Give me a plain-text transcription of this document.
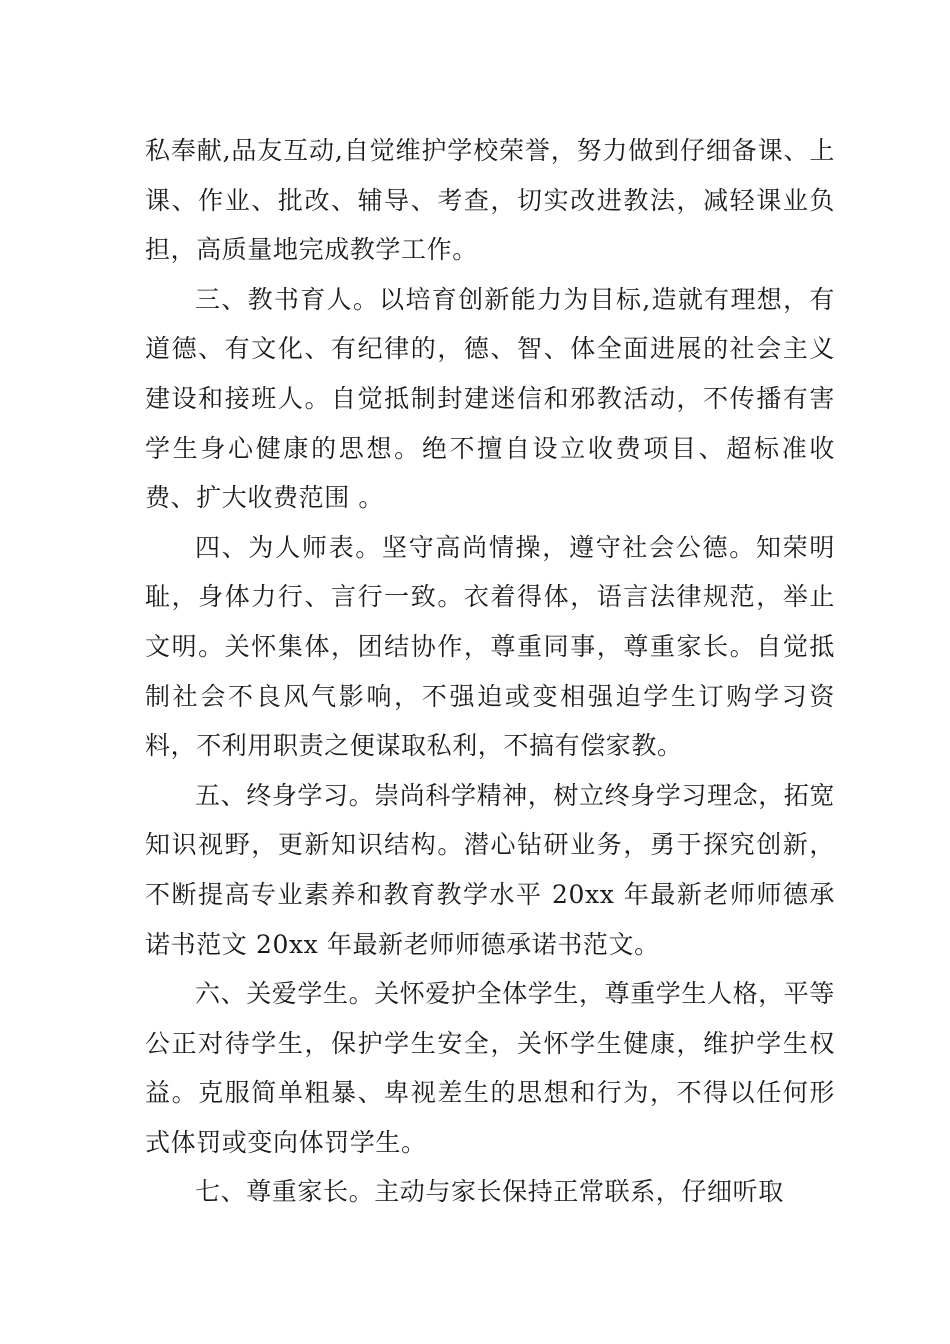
私奉献,品友互动,自觉维护学校荣誉，努力做到仔细备课、上课、作业、批改、辅导、考查，切实改进教法，减轻课业负担，高质量地完成教学工作。

三、教书育人。以培育创新能力为目标,造就有理想，有道德、有文化、有纪律的，德、智、体全面进展的社会主义建设和接班人。自觉抵制封建迷信和邪教活动，不传播有害学生身心健康的思想。绝不擅自设立收费项目、超标准收费、扩大收费范围 。

四、为人师表。坚守高尚情操，遵守社会公德。知荣明耻，身体力行、言行一致。衣着得体，语言法律规范，举止文明。关怀集体，团结协作，尊重同事，尊重家长。自觉抵制社会不良风气影响，不强迫或变相强迫学生订购学习资料，不利用职责之便谋取私利，不搞有偿家教。

五、终身学习。崇尚科学精神，树立终身学习理念，拓宽知识视野，更新知识结构。潜心钻研业务，勇于探究创新，不断提高专业素养和教育教学水平 20xx 年最新老师师德承诺书范文 20xx 年最新老师师德承诺书范文。

六、关爱学生。关怀爱护全体学生，尊重学生人格，平等公正对待学生，保护学生安全，关怀学生健康，维护学生权益。克服简单粗暴、卑视差生的思想和行为，不得以任何形式体罚或变向体罚学生。

七、尊重家长。主动与家长保持正常联系，仔细听取
